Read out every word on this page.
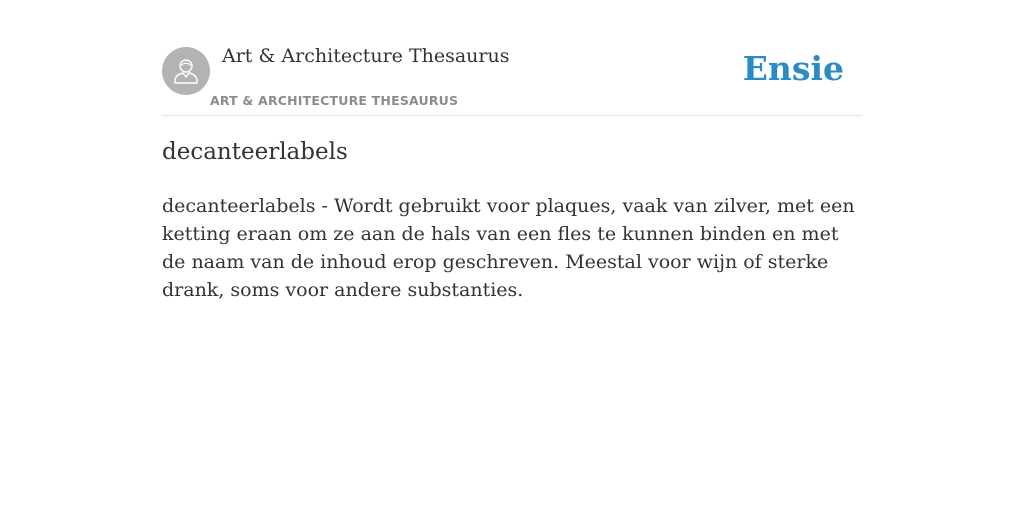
Art & Architecture Thesaurus
ART & ARCHITECTURE THESAURUS
Ensie
decanteerlabels

decanteerlabels - Wordt gebruikt voor plaques, vaak van zilver, met een ketting eraan om ze aan de hals van een fles te kunnen binden en met de naam van de inhoud erop geschreven. Meestal voor wijn of sterke drank, soms voor andere substanties.
